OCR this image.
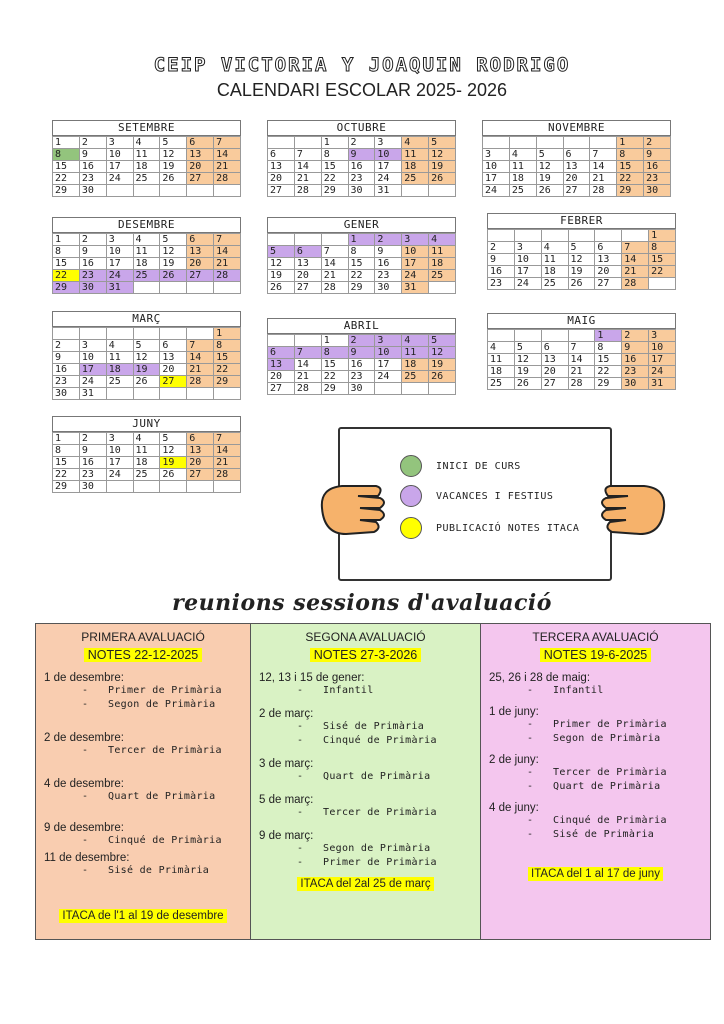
CEIP VICTORIA Y JOAQUIN RODRIGO
CALENDARI ESCOLAR 2025- 2026
SETEMBRE
1	2	3	4	5	6	7
8	9	10	11	12	13	14
15	16	17	18	19	20	21
22	23	24	25	26	27	28
29	30					
OCTUBRE
		1	2	3	4	5
6	7	8	9	10	11	12
13	14	15	16	17	18	19
20	21	22	23	24	25	26
27	28	29	30	31		
NOVEMBRE
					1	2
3	4	5	6	7	8	9
10	11	12	13	14	15	16
17	18	19	20	21	22	23
24	25	26	27	28	29	30
DESEMBRE
1	2	3	4	5	6	7
8	9	10	11	12	13	14
15	16	17	18	19	20	21
22	23	24	25	26	27	28
29	30	31				
GENER
			1	2	3	4
5	6	7	8	9	10	11
12	13	14	15	16	17	18
19	20	21	22	23	24	25
26	27	28	29	30	31	
FEBRER
						1
2	3	4	5	6	7	8
9	10	11	12	13	14	15
16	17	18	19	20	21	22
23	24	25	26	27	28	
MARÇ
						1
2	3	4	5	6	7	8
9	10	11	12	13	14	15
16	17	18	19	20	21	22
23	24	25	26	27	28	29
30	31					
ABRIL
		1	2	3	4	5
6	7	8	9	10	11	12
13	14	15	16	17	18	19
20	21	22	23	24	25	26
27	28	29	30			
MAIG
				1	2	3
4	5	6	7	8	9	10
11	12	13	14	15	16	17
18	19	20	21	22	23	24
25	26	27	28	29	30	31
JUNY
1	2	3	4	5	6	7
8	9	10	11	12	13	14
15	16	17	18	19	20	21
22	23	24	25	26	27	28
29	30					
INICI DE CURS
VACANCES I FESTIUS
PUBLICACIÓ NOTES ITACA
reunions sessions d'avaluació
PRIMERA AVALUACIÓ
NOTES 22-12-2025
1 de desembre:
- Primer de Primària
- Segon de Primària
2 de desembre:
- Tercer de Primària
4 de desembre:
- Quart de Primària
9 de desembre:
- Cinqué de Primària
11 de desembre:
- Sisé de Primària
ITACA de l'1 al 19 de desembre
SEGONA AVALUACIÓ
NOTES 27-3-2026
12, 13 i 15 de gener:
- Infantil
2 de març:
- Sisé de Primària
- Cinqué de Primària
3 de març:
- Quart de Primària
5 de març:
- Tercer de Primària
9 de març:
- Segon de Primària
- Primer de Primària
ITACA del 2al 25 de març
TERCERA AVALUACIÓ
NOTES 19-6-2025
25, 26 i 28 de maig:
- Infantil
1 de juny:
- Primer de Primària
- Segon de Primària
2 de juny:
- Tercer de Primària
- Quart de Primària
4 de juny:
- Cinqué de Primària
- Sisé de Primària
ITACA del 1 al 17 de juny
